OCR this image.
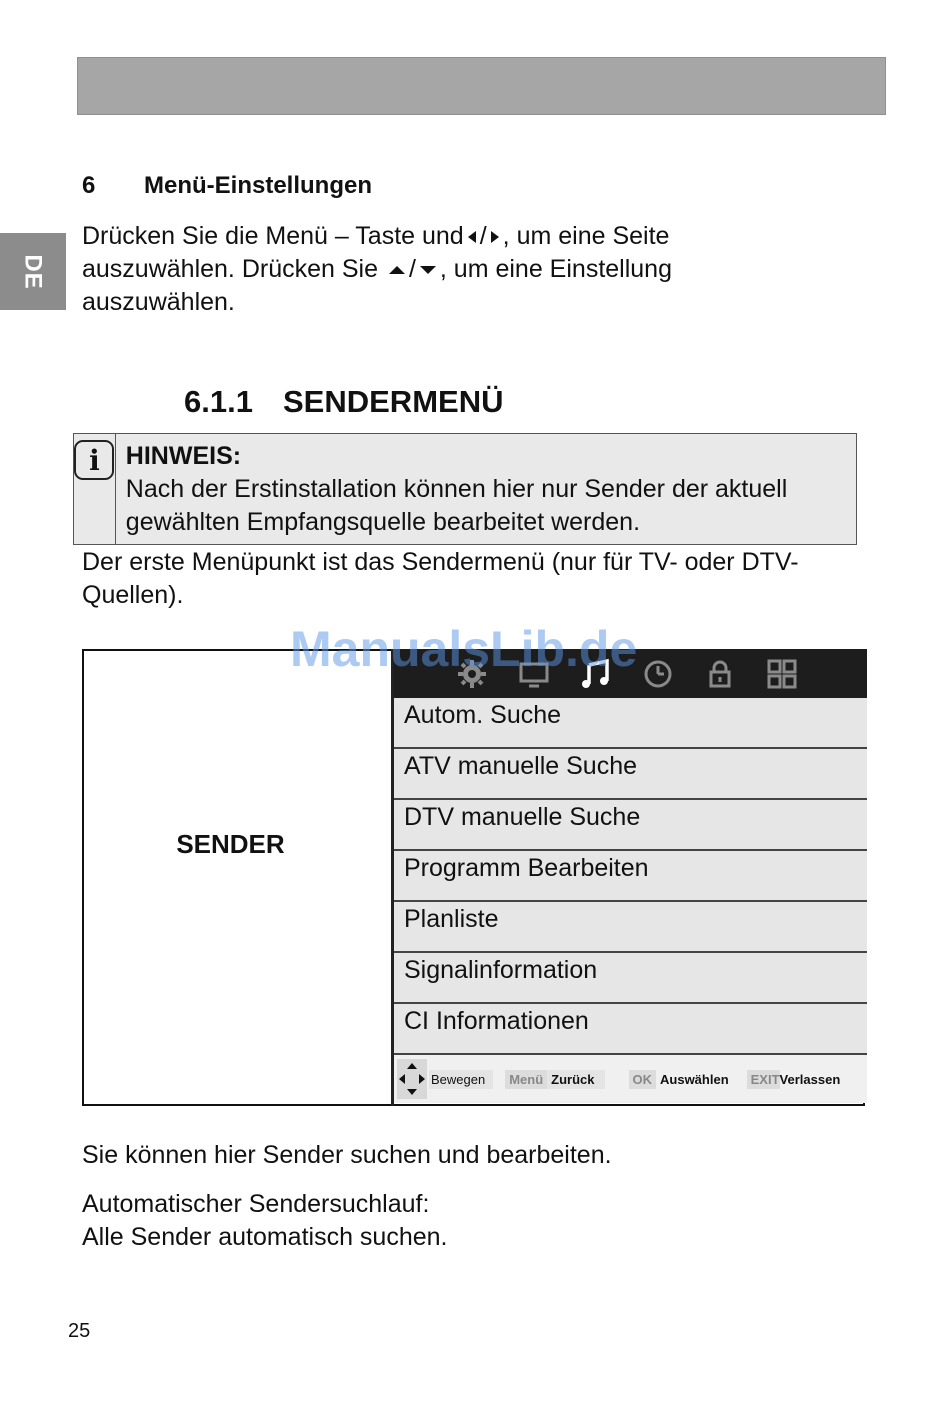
DE
6 Menü-Einstellungen
Drücken Sie die Menü – Taste und / , um eine Seite auszuwählen. Drücken Sie / , um eine Einstellung auszuwählen.
6.1.1 SENDERMENÜ
i	HINWEIS:
Nach der Erstinstallation können hier nur Sender der aktuell gewählten Empfangsquelle bearbeitet werden.
Der erste Menüpunkt ist das Sendermenü (nur für TV- oder DTV-Quellen).
ManualsLib.de
SENDER
Autom. Suche
ATV manuelle Suche
DTV manuelle Suche
Programm Bearbeiten
Planliste
Signalinformation
CI Informationen
Bewegen	Menü Zurück	OK Auswählen	EXIT Verlassen
Sie können hier Sender suchen und bearbeiten.
Automatischer Sendersuchlauf:
Alle Sender automatisch suchen.
25
